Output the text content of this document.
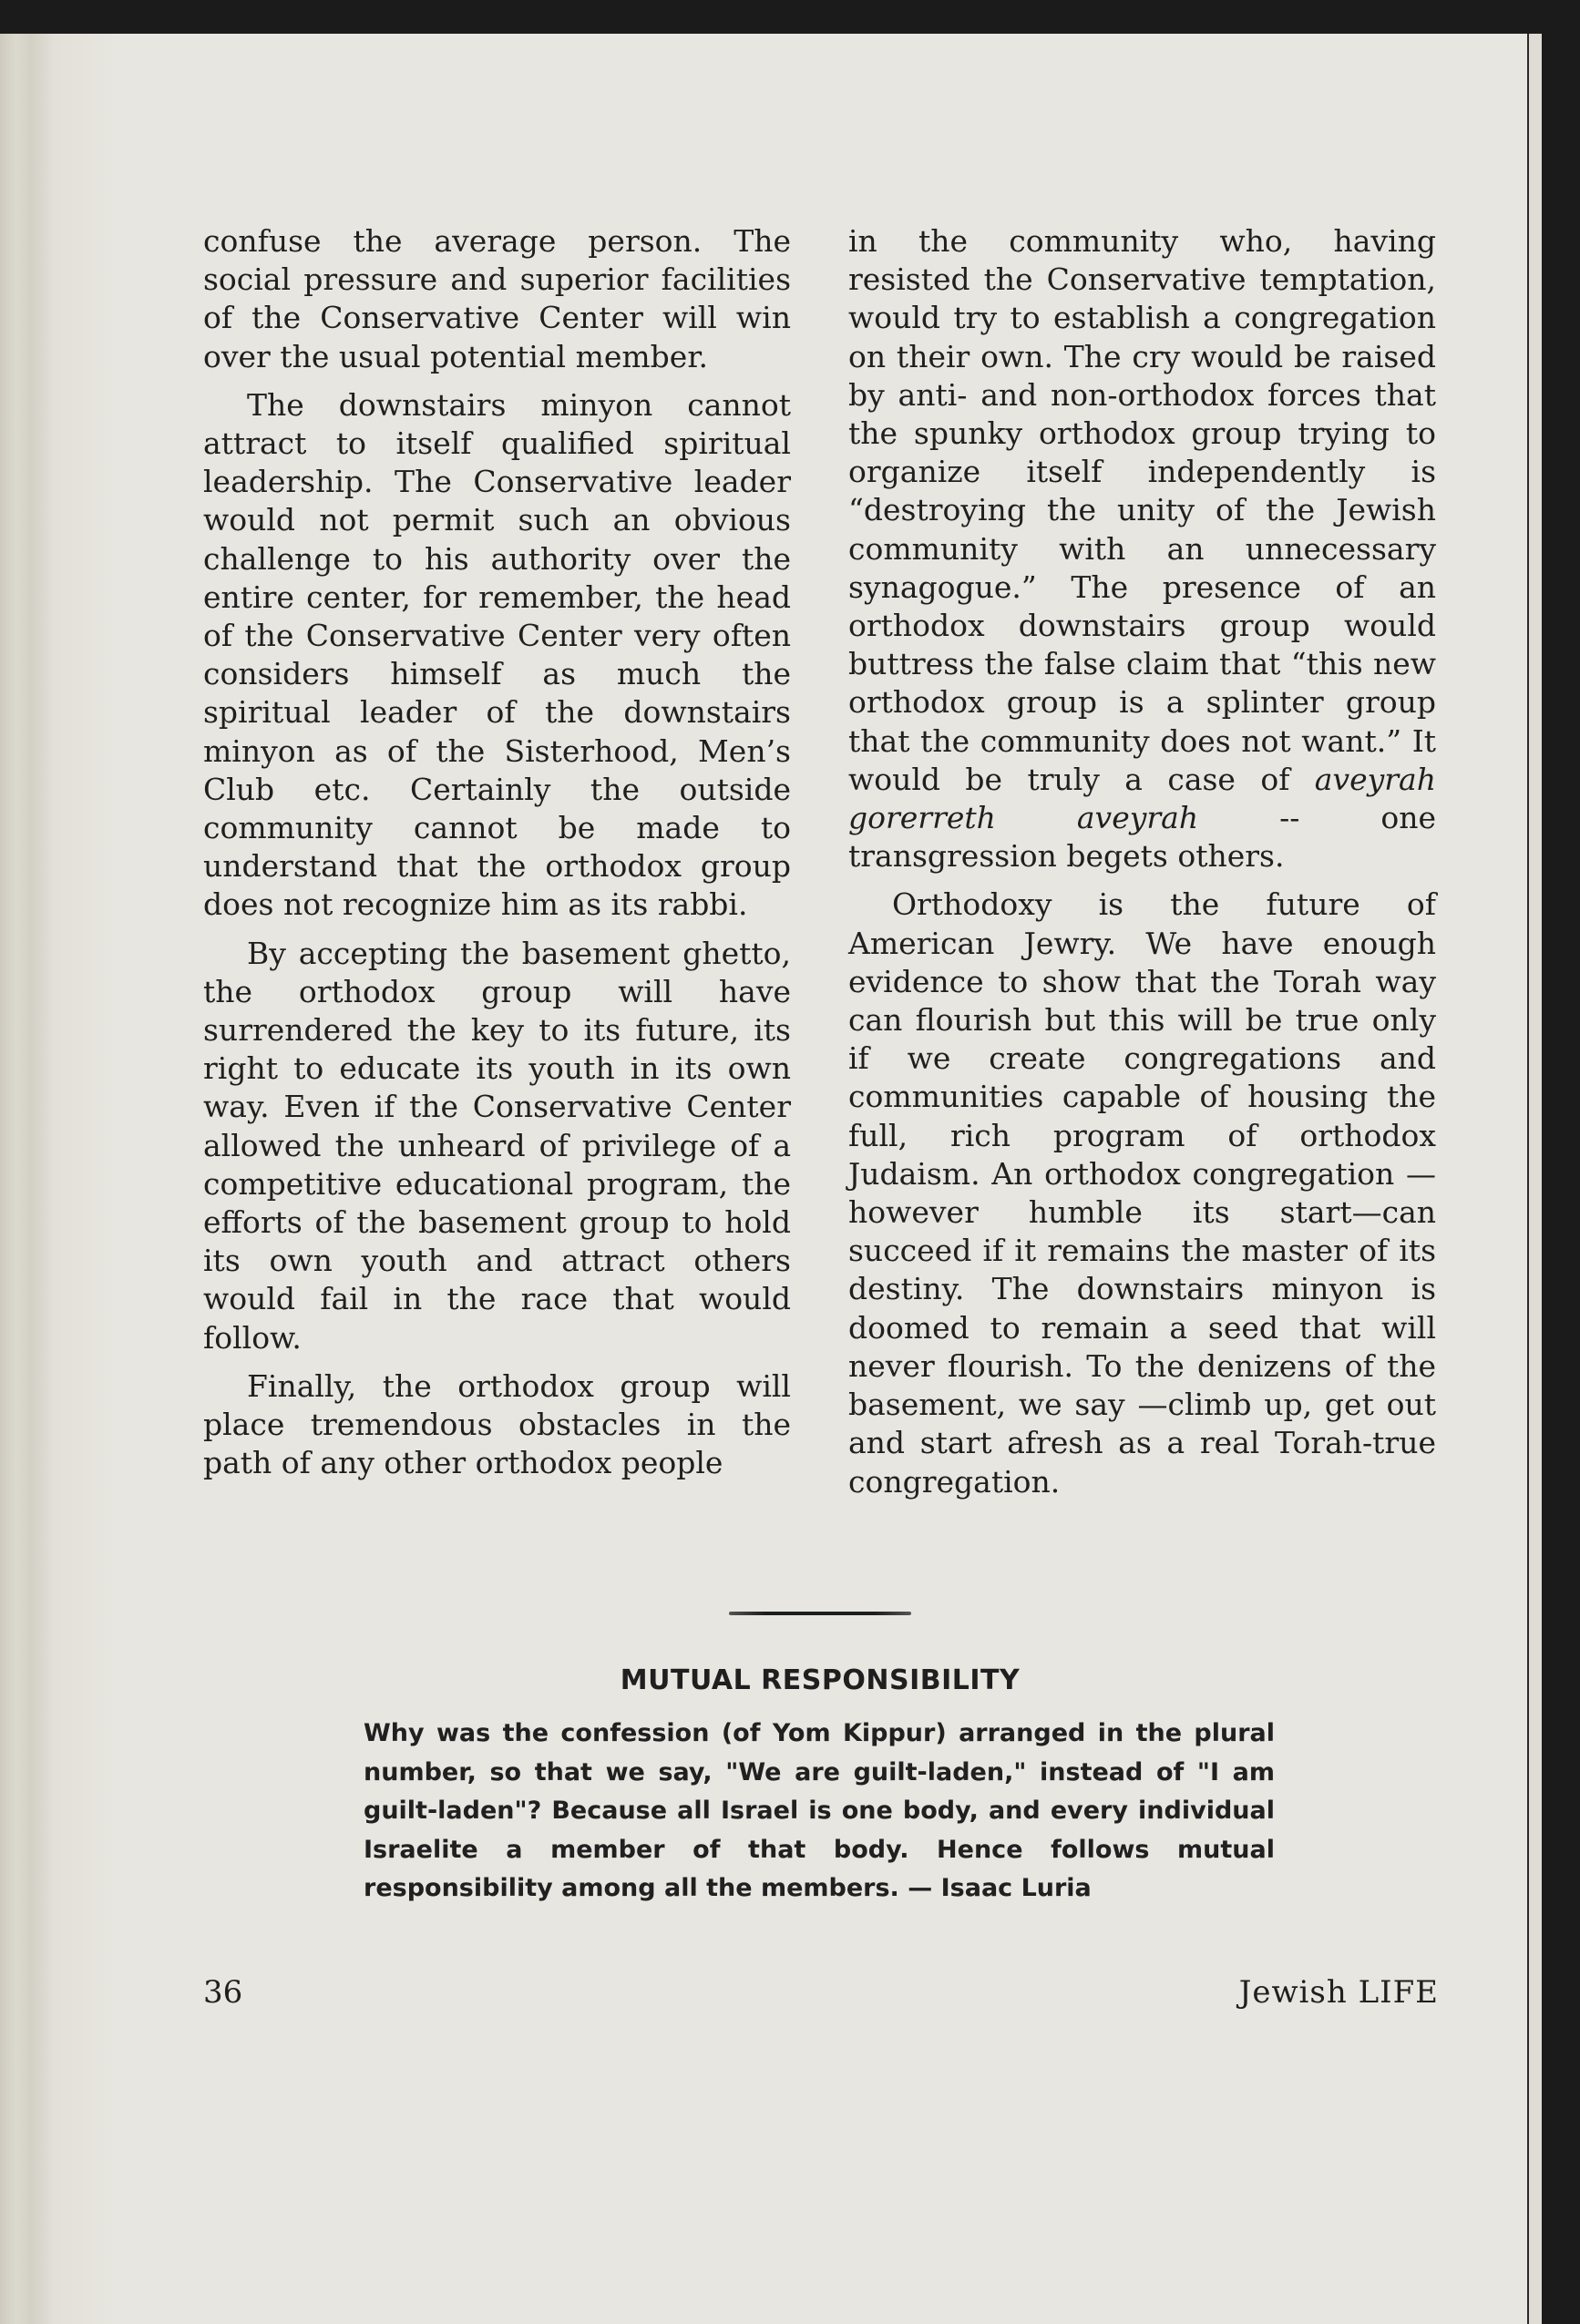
confuse the average person. The social pressure and superior facilities of the Conservative Center will win over the usual potential member.

The downstairs minyon cannot attract to itself qualified spiritual leadership. The Conservative leader would not permit such an obvious challenge to his authority over the entire center, for remember, the head of the Conservative Center very often considers himself as much the spiritual leader of the downstairs minyon as of the Sisterhood, Men’s Club etc. Certainly the outside community cannot be made to understand that the orthodox group does not recognize him as its rabbi.

By accepting the basement ghetto, the orthodox group will have surrendered the key to its future, its right to educate its youth in its own way. Even if the Conservative Center allowed the unheard of privilege of a competitive educational program, the efforts of the basement group to hold its own youth and attract others would fail in the race that would follow.

Finally, the orthodox group will place tremendous obstacles in the path of any other orthodox people

in the community who, having resisted the Conservative temptation, would try to establish a congregation on their own. The cry would be raised by anti- and non-orthodox forces that the spunky orthodox group trying to organize itself independently is “destroying the unity of the Jewish community with an unnecessary synagogue.” The presence of an orthodox downstairs group would buttress the false claim that “this new orthodox group is a splinter group that the community does not want.” It would be truly a case of aveyrah gorerreth aveyrah -- one transgression begets others.

Orthodoxy is the future of American Jewry. We have enough evidence to show that the Torah way can flourish but this will be true only if we create congregations and communities capable of housing the full, rich program of orthodox Judaism. An orthodox congregation —however humble its start—can succeed if it remains the master of its destiny. The downstairs minyon is doomed to remain a seed that will never flourish. To the denizens of the basement, we say —climb up, get out and start afresh as a real Torah-true congregation.

MUTUAL RESPONSIBILITY

Why was the confession (of Yom Kippur) arranged in the plural number, so that we say, "We are guilt-laden," instead of "I am guilt-laden"? Because all Israel is one body, and every individual Israelite a member of that body. Hence follows mutual responsibility among all the members. — Isaac Luria

36	Jewish LIFE
